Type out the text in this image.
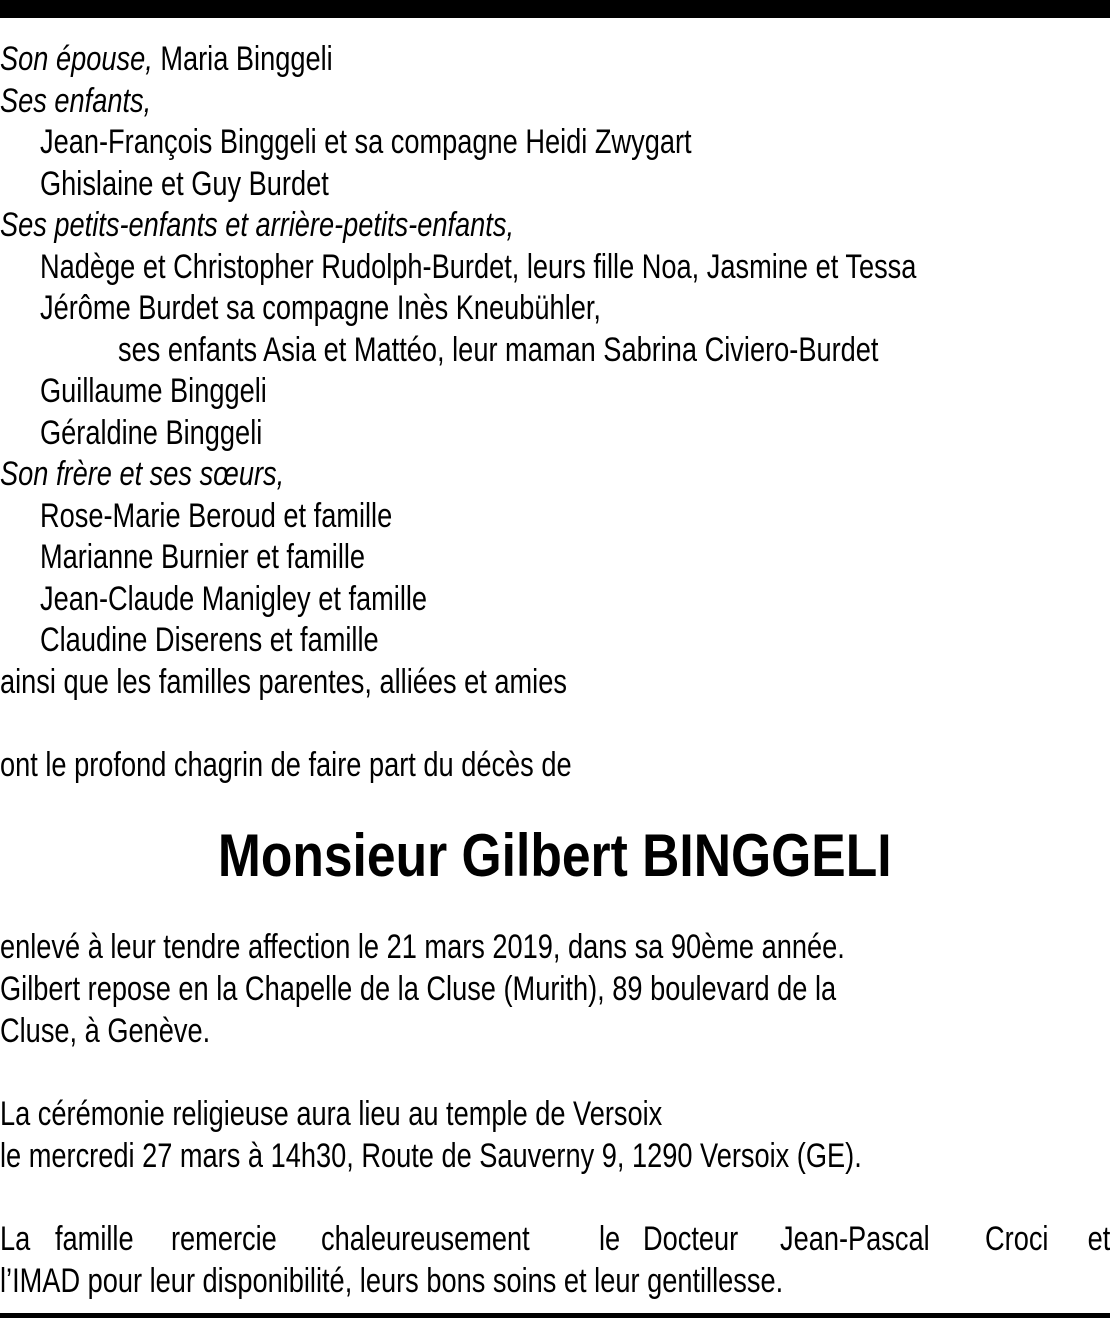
Son épouse, Maria Binggeli
Ses enfants,
Jean-François Binggeli et sa compagne Heidi Zwygart
Ghislaine et Guy Burdet
Ses petits-enfants et arrière-petits-enfants,
Nadège et Christopher Rudolph-Burdet, leurs fille Noa, Jasmine et Tessa
Jérôme Burdet sa compagne Inès Kneubühler,
ses enfants Asia et Mattéo, leur maman Sabrina Civiero-Burdet
Guillaume Binggeli
Géraldine Binggeli
Son frère et ses sœurs,
Rose-Marie Beroud et famille
Marianne Burnier et famille
Jean-Claude Manigley et famille
Claudine Diserens et famille
ainsi que les familles parentes, alliées et amies
ont le profond chagrin de faire part du décès de
Monsieur Gilbert BINGGELI
enlevé à leur tendre affection le 21 mars 2019, dans sa 90ème année.
Gilbert repose en la Chapelle de la Cluse (Murith), 89 boulevard de la
Cluse, à Genève.
La cérémonie religieuse aura lieu au temple de Versoix
le mercredi 27 mars à 14h30, Route de Sauverny 9, 1290 Versoix (GE).
La famille remercie chaleureusement le Docteur Jean-Pascal Croci et
l’IMAD pour leur disponibilité, leurs bons soins et leur gentillesse.
